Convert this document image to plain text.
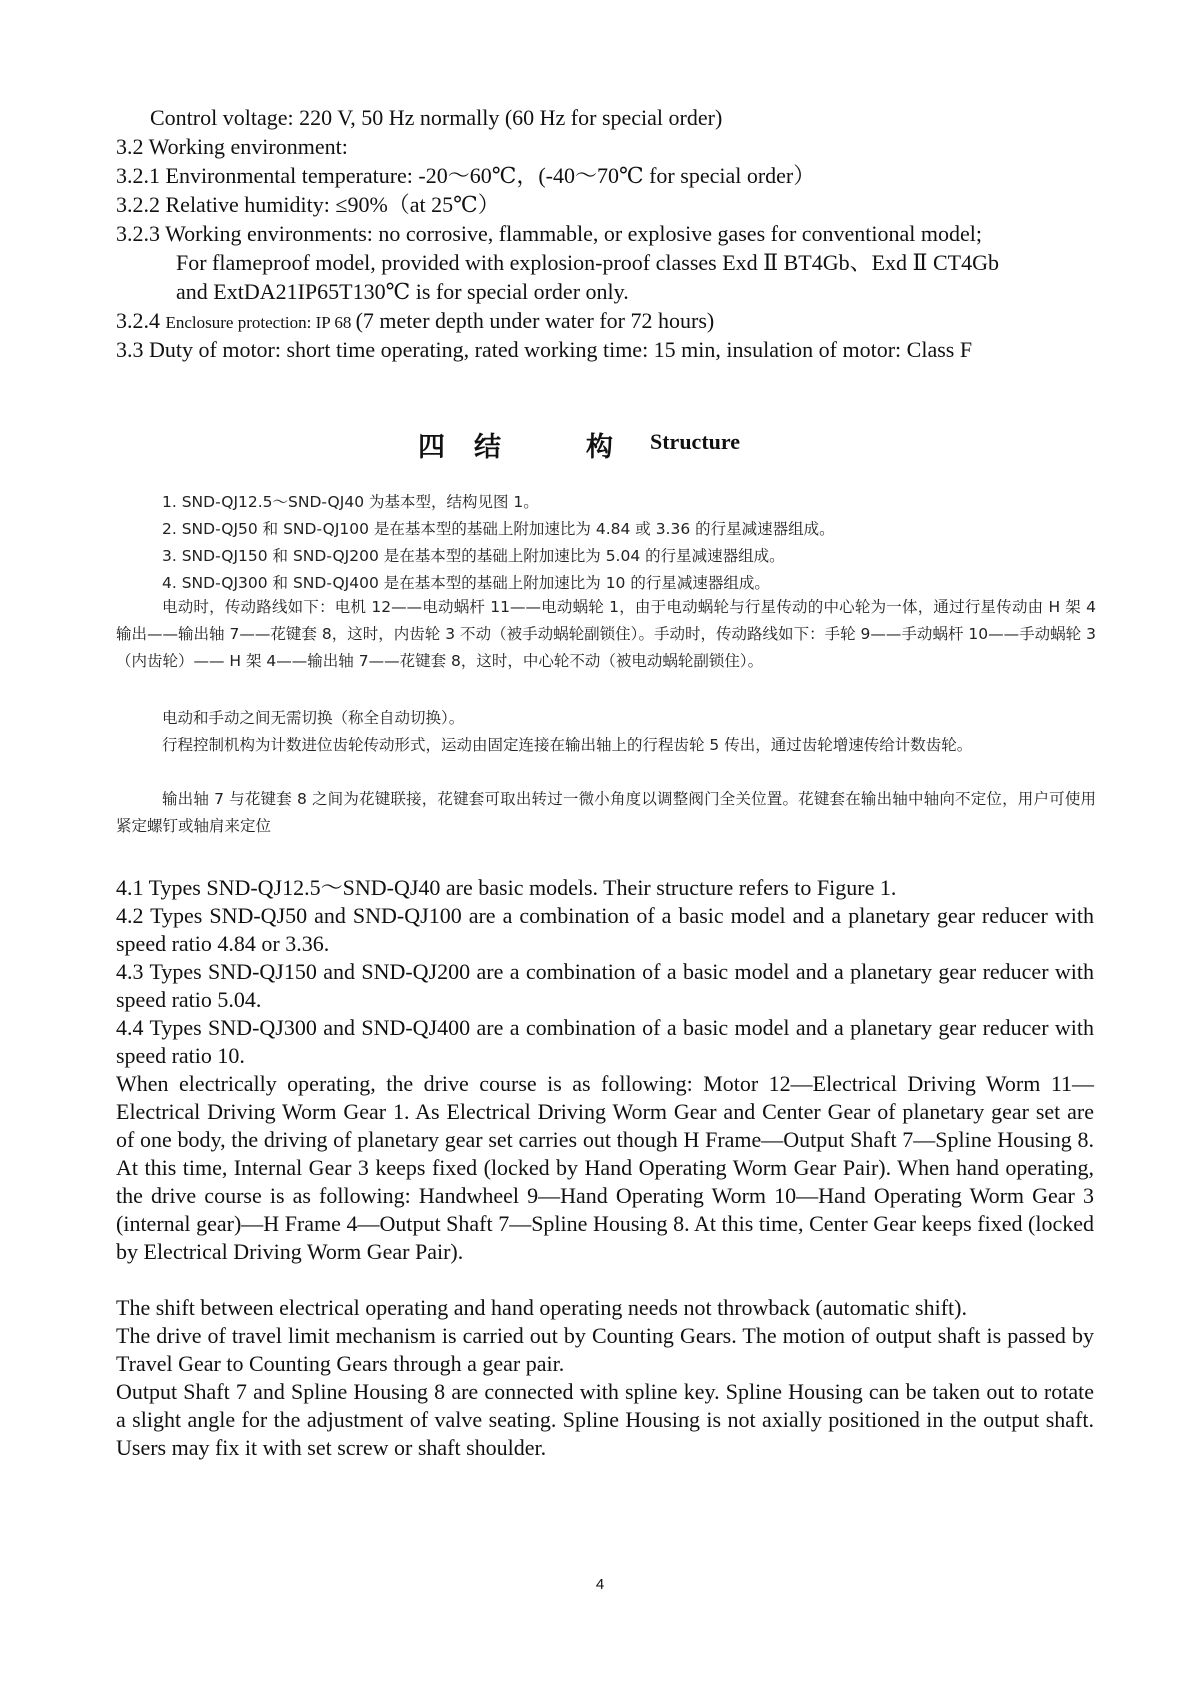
Control voltage: 220 V, 50 Hz normally (60 Hz for special order)
3.2 Working environment:
3.2.1 Environmental temperature: -20～60℃，(-40～70℃ for special order）
3.2.2 Relative humidity: ≤90%（at 25℃）
3.2.3 Working environments: no corrosive, flammable, or explosive gases for conventional model;
For flameproof model, provided with explosion-proof classes Exd Ⅱ BT4Gb、Exd Ⅱ CT4Gb
and ExtDA21IP65T130℃ is for special order only.
3.2.4 Enclosure protection: IP 68 (7 meter depth under water for 72 hours)
3.3 Duty of motor: short time operating, rated working time: 15 min, insulation of motor: Class F
四 结	构 Structure
1. SND-QJ12.5～SND-QJ40 为基本型，结构见图 1。
2. SND-QJ50 和 SND-QJ100 是在基本型的基础上附加速比为 4.84 或 3.36 的行星减速器组成。
3. SND-QJ150 和 SND-QJ200 是在基本型的基础上附加速比为 5.04 的行星减速器组成。
4. SND-QJ300 和 SND-QJ400 是在基本型的基础上附加速比为 10 的行星减速器组成。
电动时，传动路线如下：电机 12——电动蜗杆 11——电动蜗轮 1，由于电动蜗轮与行星传动的中心轮为一体，通过行星传动由 H 架 4 输出——输出轴 7——花键套 8，这时，内齿轮 3 不动（被手动蜗轮副锁住）。手动时，传动路线如下：手轮 9——手动蜗杆 10——手动蜗轮 3（内齿轮）—— H 架 4——输出轴 7——花键套 8，这时，中心轮不动（被电动蜗轮副锁住）。
电动和手动之间无需切换（称全自动切换）。
行程控制机构为计数进位齿轮传动形式，运动由固定连接在输出轴上的行程齿轮 5 传出，通过齿轮增速传给计数齿轮。
输出轴 7 与花键套 8 之间为花键联接，花键套可取出转过一微小角度以调整阀门全关位置。花键套在输出轴中轴向不定位，用户可使用紧定螺钉或轴肩来定位
4.1 Types SND-QJ12.5～SND-QJ40 are basic models. Their structure refers to Figure 1.
4.2 Types SND-QJ50 and SND-QJ100 are a combination of a basic model and a planetary gear reducer with speed ratio 4.84 or 3.36.
4.3 Types SND-QJ150 and SND-QJ200 are a combination of a basic model and a planetary gear reducer with speed ratio 5.04.
4.4 Types SND-QJ300 and SND-QJ400 are a combination of a basic model and a planetary gear reducer with speed ratio 10.
When electrically operating, the drive course is as following: Motor 12—Electrical Driving Worm 11—Electrical Driving Worm Gear 1. As Electrical Driving Worm Gear and Center Gear of planetary gear set are of one body, the driving of planetary gear set carries out though H Frame—Output Shaft 7—Spline Housing 8. At this time, Internal Gear 3 keeps fixed (locked by Hand Operating Worm Gear Pair). When hand operating, the drive course is as following: Handwheel 9—Hand Operating Worm 10—Hand Operating Worm Gear 3 (internal gear)—H Frame 4—Output Shaft 7—Spline Housing 8. At this time, Center Gear keeps fixed (locked by Electrical Driving Worm Gear Pair).
The shift between electrical operating and hand operating needs not throwback (automatic shift).
The drive of travel limit mechanism is carried out by Counting Gears. The motion of output shaft is passed by Travel Gear to Counting Gears through a gear pair.
Output Shaft 7 and Spline Housing 8 are connected with spline key. Spline Housing can be taken out to rotate a slight angle for the adjustment of valve seating. Spline Housing is not axially positioned in the output shaft. Users may fix it with set screw or shaft shoulder.
4
